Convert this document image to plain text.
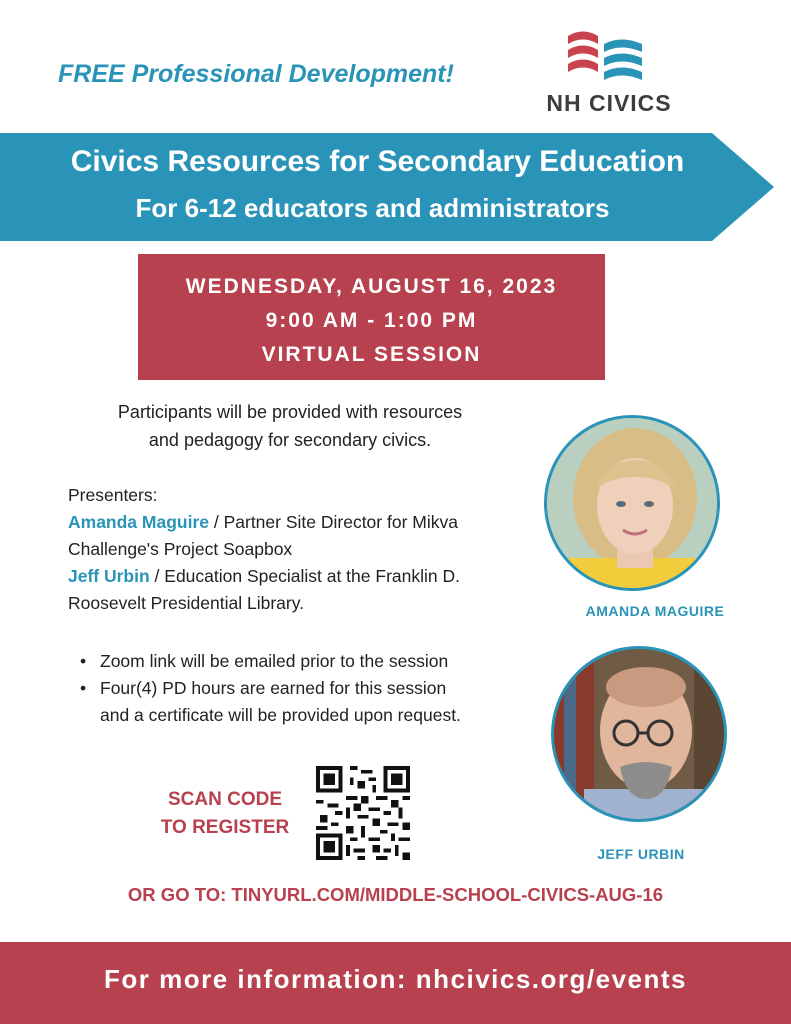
FREE Professional Development!
NH CIVICS
Civics Resources for Secondary Education
For 6-12 educators and administrators
WEDNESDAY, AUGUST 16, 2023
9:00 AM - 1:00 PM
VIRTUAL SESSION
Participants will be provided with resources
and pedagogy for secondary civics.
Presenters:
Amanda Maguire / Partner Site Director for Mikva
Challenge's Project Soapbox
Jeff Urbin / Education Specialist at the Franklin D.
Roosevelt Presidential Library.
• Zoom link will be emailed prior to the session
• Four(4) PD hours are earned for this session
and a certificate will be provided upon request.
AMANDA MAGUIRE
JEFF URBIN
SCAN CODE
TO REGISTER
OR GO TO: TINYURL.COM/MIDDLE-SCHOOL-CIVICS-AUG-16
For more information: nhcivics.org/events
